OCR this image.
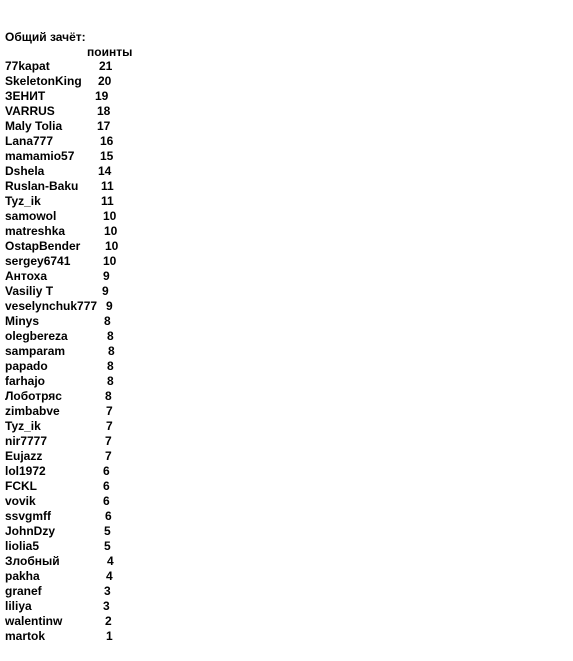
Общий зачёт:
поинты
77kapat	21
SkeletonKing 20
ЗЕНИТ	19
VARRUS	18
Maly Tolia	17
Lana777	16
mamamio57 15
Dshela	14
Ruslan-Baku 11
Tyz_ik	11
samowol	10
matreshka	10
OstapBender 10
sergey6741	10
Антоха	9
Vasiliy T	9
veselynchuk777 9
Minys	8
olegbereza	8
samparam	8
papado	8
farhajo	8
Лоботряс	8
zimbabve	7
Tyz_ik	7
nir7777	7
Eujazz	7
lol1972	6
FCKL	6
vovik	6
ssvgmff	6
JohnDzy	5
liolia5	5
Злобный	4
pakha	4
granef	3
liliya	3
walentinw	2
martok	1
